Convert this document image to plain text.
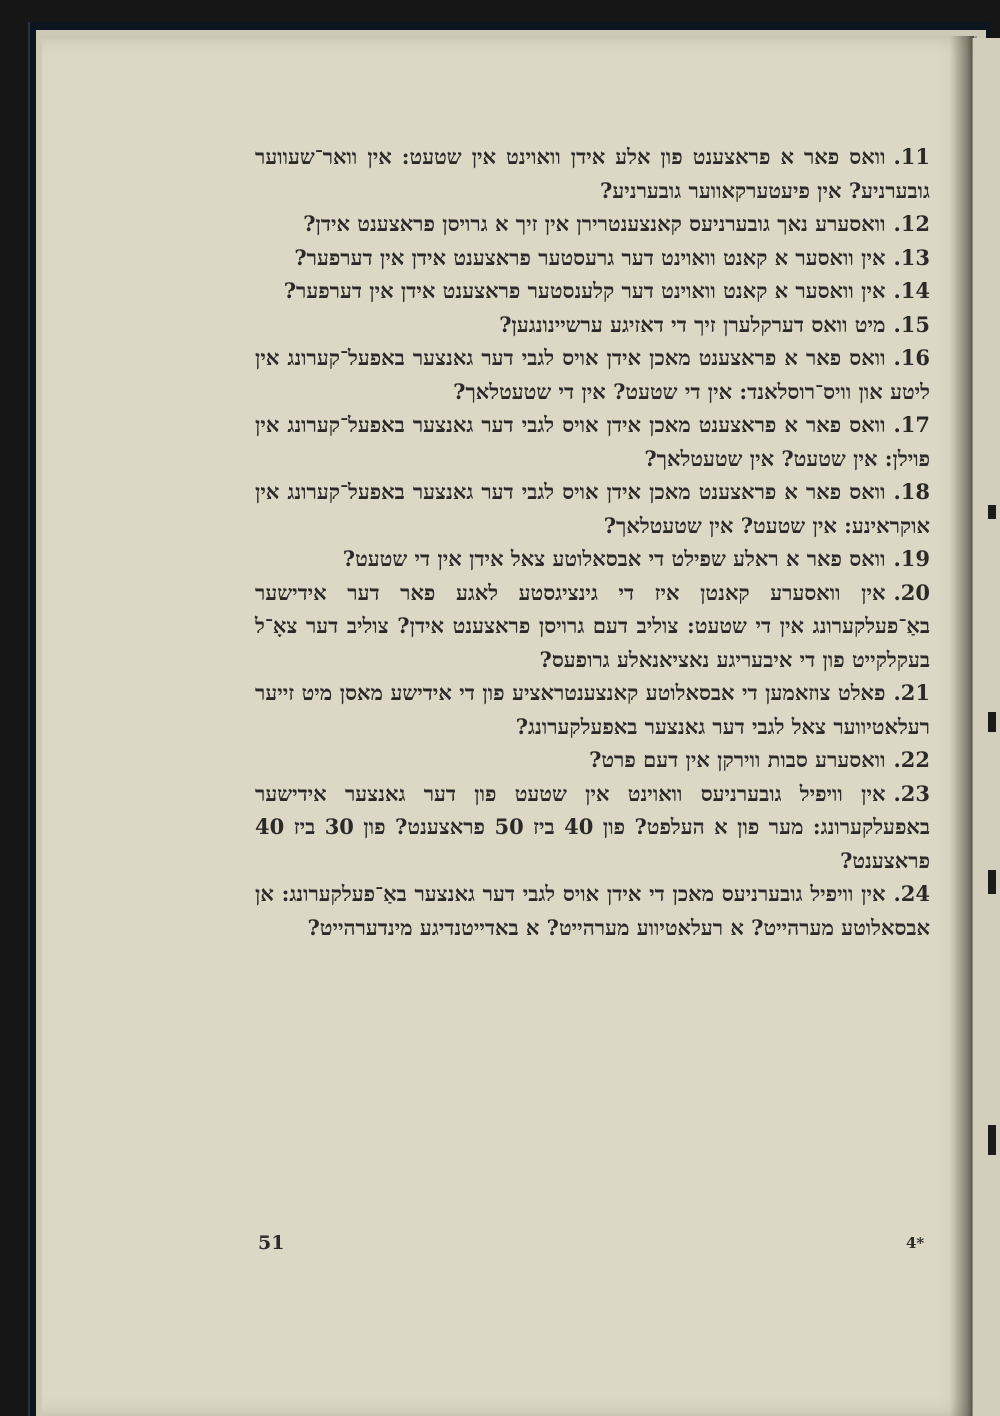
.11וואס פאר א פראצענט פון אלע אידן וואוינט אין שטעט: אין וואר־שעווער גובערניע? אין פיעטערקאווער גובערניע?

.12וואסערע נאך גובערניעס קאנצענטרירן אין זיך א גרויסן פראצענט אידן?

.13אין וואסער א קאנט וואוינט דער גרעסטער פראצענט אידן אין דערפער?

.14אין וואסער א קאנט וואוינט דער קלענסטער פראצענט אידן אין דערפער?

.15מיט וואס דערקלערן זיך די דאזיגע ערשיינונגען?

.16וואס פאר א פראצענט מאכן אידן אויס לגבי דער גאנצער באפעל־קערונג אין ליטע און וויס־רוסלאנד: אין די שטעט? אין די שטעטלאך?

.17וואס פאר א פראצענט מאכן אידן אויס לגבי דער גאנצער באפעל־קערונג אין פוילן: אין שטעט? אין שטעטלאך?

.18וואס פאר א פראצענט מאכן אידן אויס לגבי דער גאנצער באפעל־קערונג אין אוקראינע: אין שטעט? אין שטעטלאך?

.19וואס פאר א ראלע שפילט די אבסאלוטע צאל אידן אין די שטעט?

.20אין וואסערע קאנטן איז די גינציגסטע לאגע פאר דער אידישער באַ־פעלקערונג אין די שטעט: צוליב דעם גרויסן פראצענט אידן? צוליב דער צאָ־ל בעקלקייט פון די איבעריגע נאציאנאלע גרופעס?

.21פאלט צוזאמען די אבסאלוטע קאנצענטראציע פון די אידישע מאסן מיט זייער רעלאטיווער צאל לגבי דער גאנצער באפעלקערונג?

.22וואסערע סבות ווירקן אין דעם פרט?

.23אין וויפיל גובערניעס וואוינט אין שטעט פון דער גאנצער אידישער באפעלקערונג: מער פון א העלפט? פון 40 ביז 50 פראצענט? פון 30 ביז 40 פראצענט?

.24אין וויפיל גובערניעס מאכן די אידן אויס לגבי דער גאנצער באַ־פעלקערונג: אן אבסאלוטע מערהייט? א רעלאטיווע מערהייט? א באדייטנדיגע מינדערהייט?

51	4*
